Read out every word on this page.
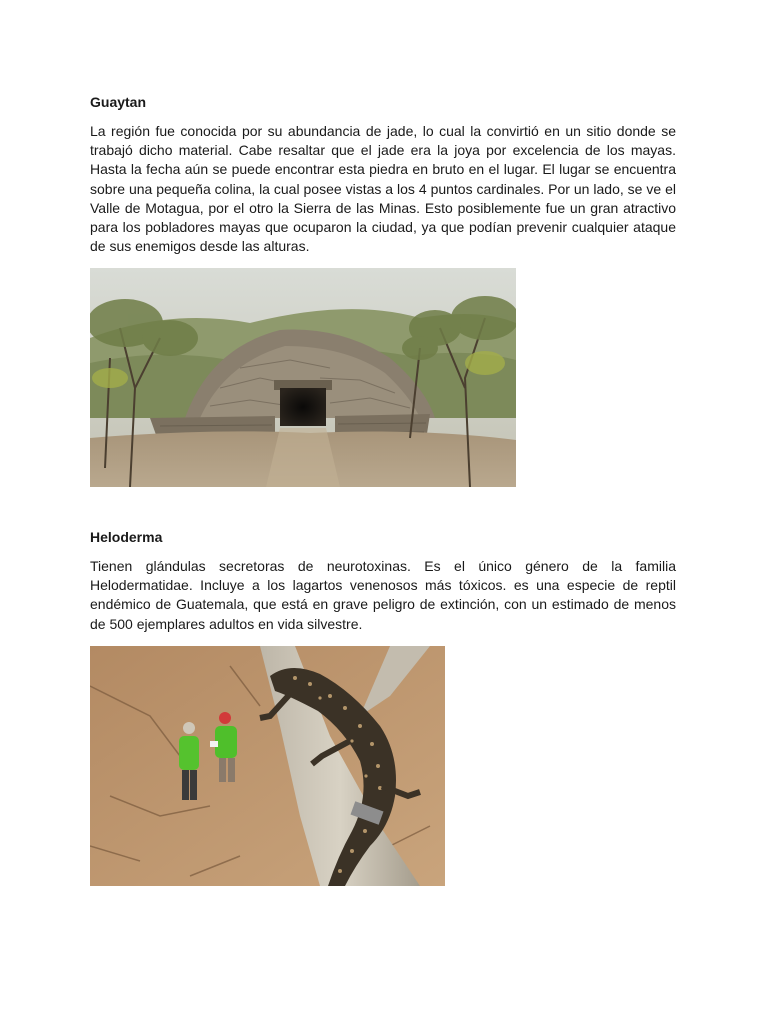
Guaytan

La región fue conocida por su abundancia de jade, lo cual la convirtió en un sitio donde se trabajó dicho material. Cabe resaltar que el jade era la joya por excelencia de los mayas. Hasta la fecha aún se puede encontrar esta piedra en bruto en el lugar. El lugar se encuentra sobre una pequeña colina, la cual posee vistas a los 4 puntos cardinales. Por un lado, se ve el Valle de Motagua, por el otro la Sierra de las Minas. Esto posiblemente fue un gran atractivo para los pobladores mayas que ocuparon la ciudad, ya que podían prevenir cualquier ataque de sus enemigos desde las alturas.

Heloderma

Tienen glándulas secretoras de neurotoxinas. Es el único género de la familia Helodermatidae. Incluye a los lagartos venenosos más tóxicos. es una especie de reptil endémico de Guatemala, que está en grave peligro de extinción, con un estimado de menos de 500 ejemplares adultos en vida silvestre.
